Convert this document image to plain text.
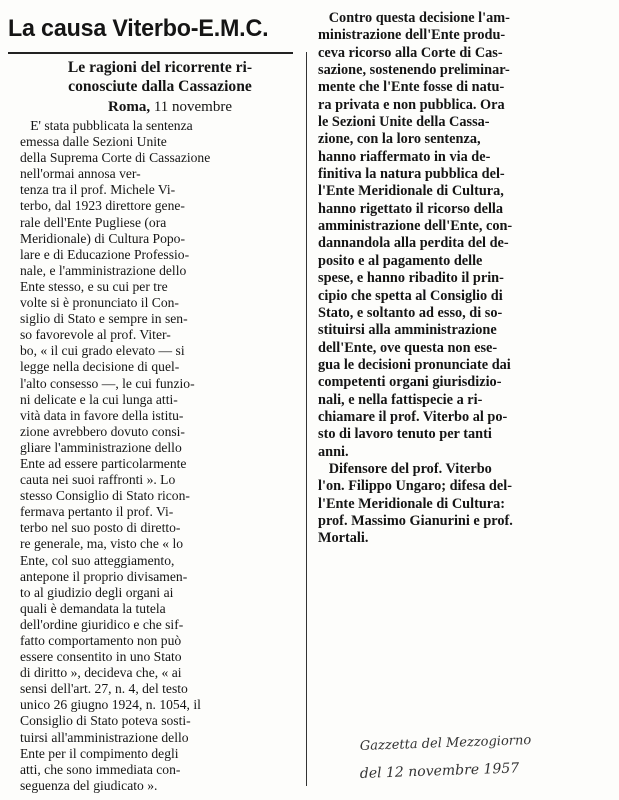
La causa Viterbo-E.M.C.
Le ragioni del ricorrente ri-
conosciute dalla Cassazione
Roma, 11 novembre
E' stata pubblicata la sentenza
emessa dalle Sezioni Unite
della Suprema Corte di Cassazione
nell'ormai annosa ver-
tenza tra il prof. Michele Vi-
terbo, dal 1923 direttore gene-
rale dell'Ente Pugliese (ora
Meridionale) di Cultura Popo-
lare e di Educazione Professio-
nale, e l'amministrazione dello
Ente stesso, e su cui per tre
volte si è pronunciato il Con-
siglio di Stato e sempre in sen-
so favorevole al prof. Viter-
bo, « il cui grado elevato — si
legge nella decisione di quel-
l'alto consesso —, le cui funzio-
ni delicate e la cui lunga atti-
vità data in favore della istitu-
zione avrebbero dovuto consi-
gliare l'amministrazione dello
Ente ad essere particolarmente
cauta nei suoi raffronti ». Lo
stesso Consiglio di Stato ricon-
fermava pertanto il prof. Vi-
terbo nel suo posto di diretto-
re generale, ma, visto che « lo
Ente, col suo atteggiamento,
antepone il proprio divisamen-
to al giudizio degli organi ai
quali è demandata la tutela
dell'ordine giuridico e che sif-
fatto comportamento non può
essere consentito in uno Stato
di diritto », decideva che, « ai
sensi dell'art. 27, n. 4, del testo
unico 26 giugno 1924, n. 1054, il
Consiglio di Stato poteva sosti-
tuirsi all'amministrazione dello
Ente per il compimento degli
atti, che sono immediata con-
seguenza del giudicato ».
Contro questa decisione l'am-
ministrazione dell'Ente produ-
ceva ricorso alla Corte di Cas-
sazione, sostenendo preliminar-
mente che l'Ente fosse di natu-
ra privata e non pubblica. Ora
le Sezioni Unite della Cassa-
zione, con la loro sentenza,
hanno riaffermato in via de-
finitiva la natura pubblica del-
l'Ente Meridionale di Cultura,
hanno rigettato il ricorso della
amministrazione dell'Ente, con-
dannandola alla perdita del de-
posito e al pagamento delle
spese, e hanno ribadito il prin-
cipio che spetta al Consiglio di
Stato, e soltanto ad esso, di so-
stituirsi alla amministrazione
dell'Ente, ove questa non ese-
gua le decisioni pronunciate dai
competenti organi giurisdizio-
nali, e nella fattispecie a ri-
chiamare il prof. Viterbo al po-
sto di lavoro tenuto per tanti
anni.
Difensore del prof. Viterbo
l'on. Filippo Ungaro; difesa del-
l'Ente Meridionale di Cultura:
prof. Massimo Gianurini e prof.
Mortali.
Gazzetta del Mezzogiorno
del 12 novembre 1957
